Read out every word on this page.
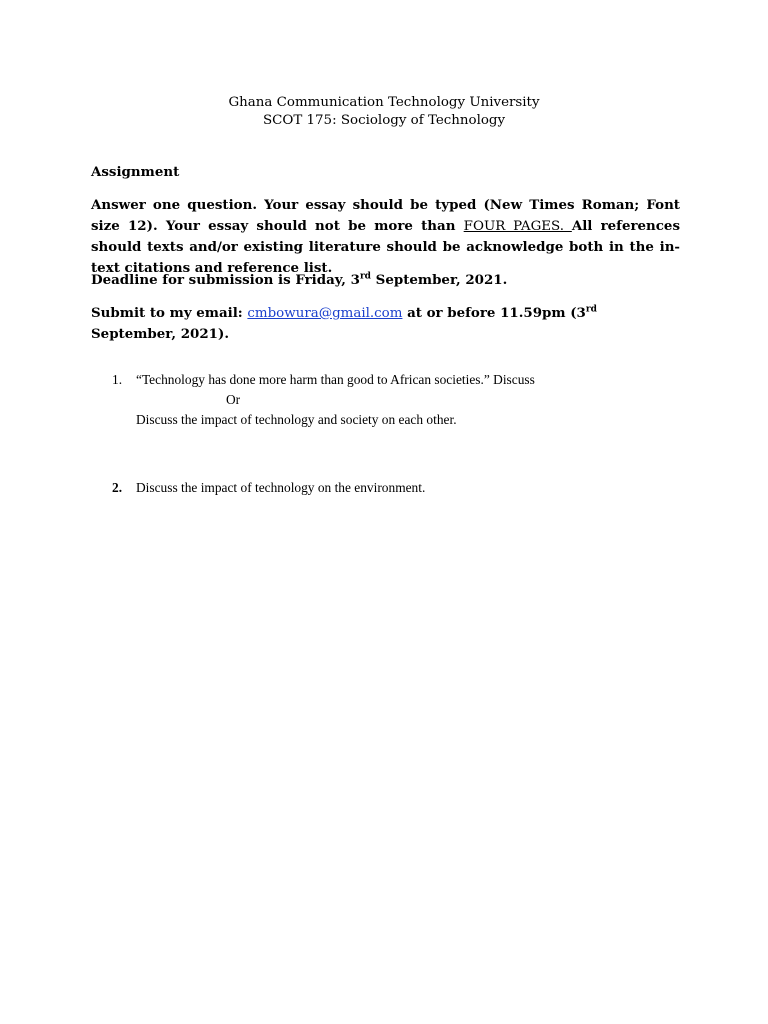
Ghana Communication Technology University
SCOT 175: Sociology of Technology
Assignment
Answer one question. Your essay should be typed (New Times Roman; Font size 12). Your essay should not be more than FOUR PAGES. All references should texts and/or existing literature should be acknowledge both in the in-text citations and reference list.
Deadline for submission is Friday, 3rd September, 2021.
Submit to my email: cmbowura@gmail.com at or before 11.59pm (3rd September, 2021).
1. “Technology has done more harm than good to African societies.” Discuss
Or
Discuss the impact of technology and society on each other.
2. Discuss the impact of technology on the environment.
